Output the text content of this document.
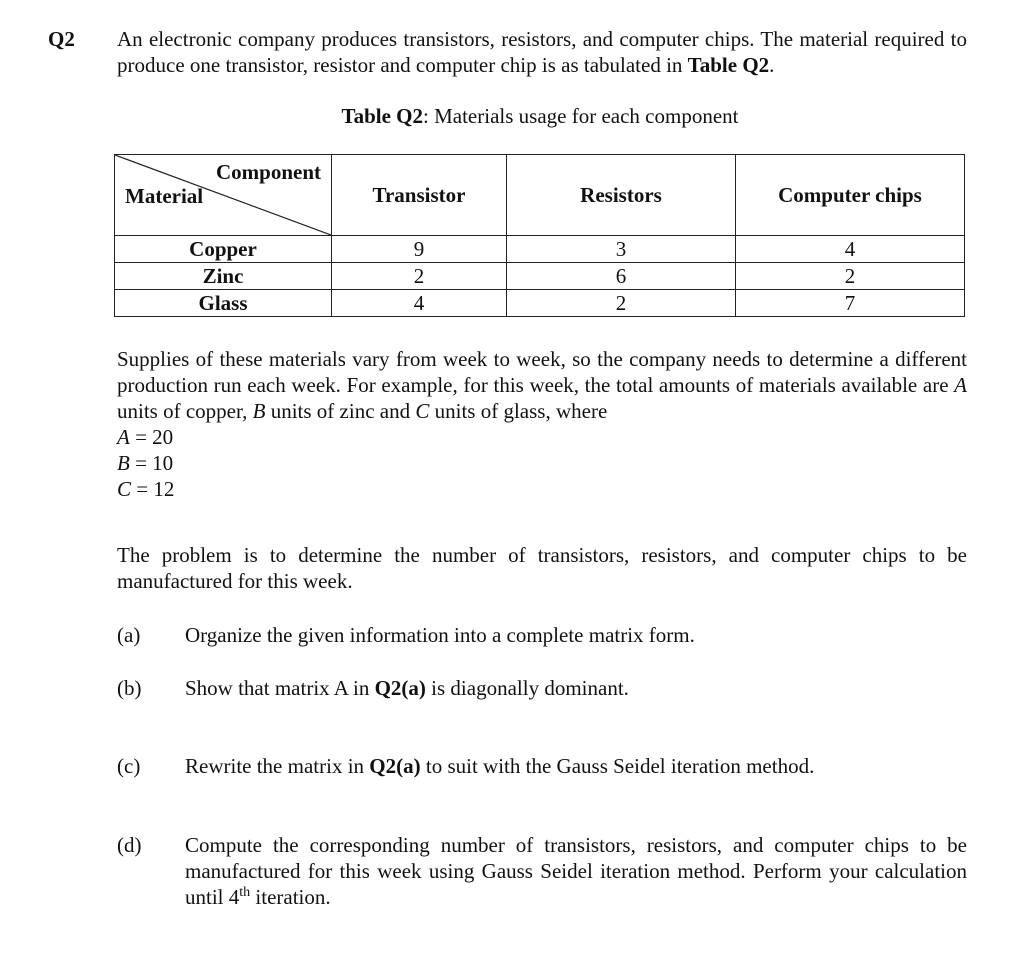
Q2 An electronic company produces transistors, resistors, and computer chips. The material required to produce one transistor, resistor and computer chip is as tabulated in Table Q2.

Table Q2: Materials usage for each component
Component
Material	Transistor	Resistors	Computer chips
Copper	9	3	4
Zinc	2	6	2
Glass	4	2	7

Supplies of these materials vary from week to week, so the company needs to determine a different production run each week. For example, for this week, the total amounts of materials available are A units of copper, B units of zinc and C units of glass, where

A = 20
B = 10
C = 12

The problem is to determine the number of transistors, resistors, and computer chips to be manufactured for this week.

(a) Organize the given information into a complete matrix form.
(b) Show that matrix A in Q2(a) is diagonally dominant.
(c) Rewrite the matrix in Q2(a) to suit with the Gauss Seidel iteration method.
(d) Compute the corresponding number of transistors, resistors, and computer chips to be manufactured for this week using Gauss Seidel iteration method. Perform your calculation until 4th iteration.
